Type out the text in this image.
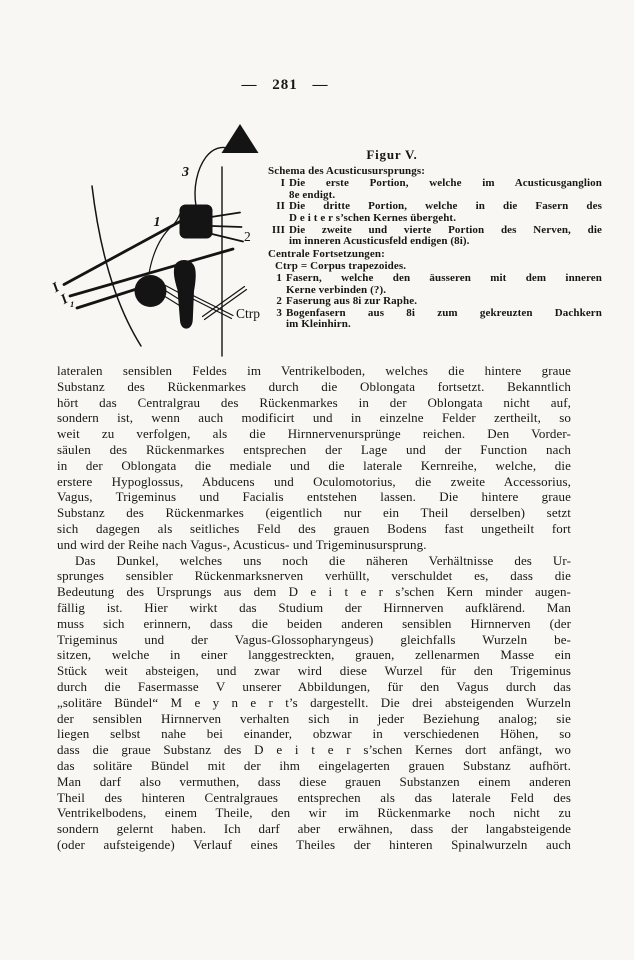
— 281 —
3
1
2
Ctrp
I
I 1
Figur V.
Schema des Acusticusursprungs:
I Die erste Portion, welche im Acusticusganglion
8e endigt.
II Die dritte Portion, welche in die Fasern des
D e i t e r s’schen Kernes übergeht.
III Die zweite und vierte Portion des Nerven, die
im inneren Acusticusfeld endigen (8i).
Centrale Fortsetzungen:
Ctrp = Corpus trapezoides.
1 Fasern, welche den äusseren mit dem inneren
Kerne verbinden (?).
2 Faserung aus 8i zur Raphe.
3 Bogenfasern aus 8i zum gekreuzten Dachkern
im Kleinhirn.
lateralen sensiblen Feldes im Ventrikelboden, welches die hintere graue
Substanz des Rückenmarkes durch die Oblongata fortsetzt. Bekanntlich
hört das Centralgrau des Rückenmarkes in der Oblongata nicht auf,
sondern ist, wenn auch modificirt und in einzelne Felder zertheilt, so
weit zu verfolgen, als die Hirnnervenursprünge reichen. Den Vorder-
säulen des Rückenmarkes entsprechen der Lage und der Function nach
in der Oblongata die mediale und die laterale Kernreihe, welche, die
erstere Hypoglossus, Abducens und Oculomotorius, die zweite Accessorius,
Vagus, Trigeminus und Facialis entstehen lassen. Die hintere graue
Substanz des Rückenmarkes (eigentlich nur ein Theil derselben) setzt
sich dagegen als seitliches Feld des grauen Bodens fast ungetheilt fort
und wird der Reihe nach Vagus-, Acusticus- und Trigeminusursprung.
Das Dunkel, welches uns noch die näheren Verhältnisse des Ur-
sprunges sensibler Rückenmarksnerven verhüllt, verschuldet es, dass die
Bedeutung des Ursprungs aus dem D e i t e r s’schen Kern minder augen-
fällig ist. Hier wirkt das Studium der Hirnnerven aufklärend. Man
muss sich erinnern, dass die beiden anderen sensiblen Hirnnerven (der
Trigeminus und der Vagus-Glossopharyngeus) gleichfalls Wurzeln be-
sitzen, welche in einer langgestreckten, grauen, zellenarmen Masse ein
Stück weit absteigen, und zwar wird diese Wurzel für den Trigeminus
durch die Fasermasse V unserer Abbildungen, für den Vagus durch das
„solitäre Bündel“ M e y n e r t’s dargestellt. Die drei absteigenden Wurzeln
der sensiblen Hirnnerven verhalten sich in jeder Beziehung analog; sie
liegen selbst nahe bei einander, obzwar in verschiedenen Höhen, so
dass die graue Substanz des D e i t e r s’schen Kernes dort anfängt, wo
das solitäre Bündel mit der ihm eingelagerten grauen Substanz aufhört.
Man darf also vermuthen, dass diese grauen Substanzen einem anderen
Theil des hinteren Centralgraues entsprechen als das laterale Feld des
Ventrikelbodens, einem Theile, den wir im Rückenmarke noch nicht zu
sondern gelernt haben. Ich darf aber erwähnen, dass der langabsteigende
(oder aufsteigende) Verlauf eines Theiles der hinteren Spinalwurzeln auch
